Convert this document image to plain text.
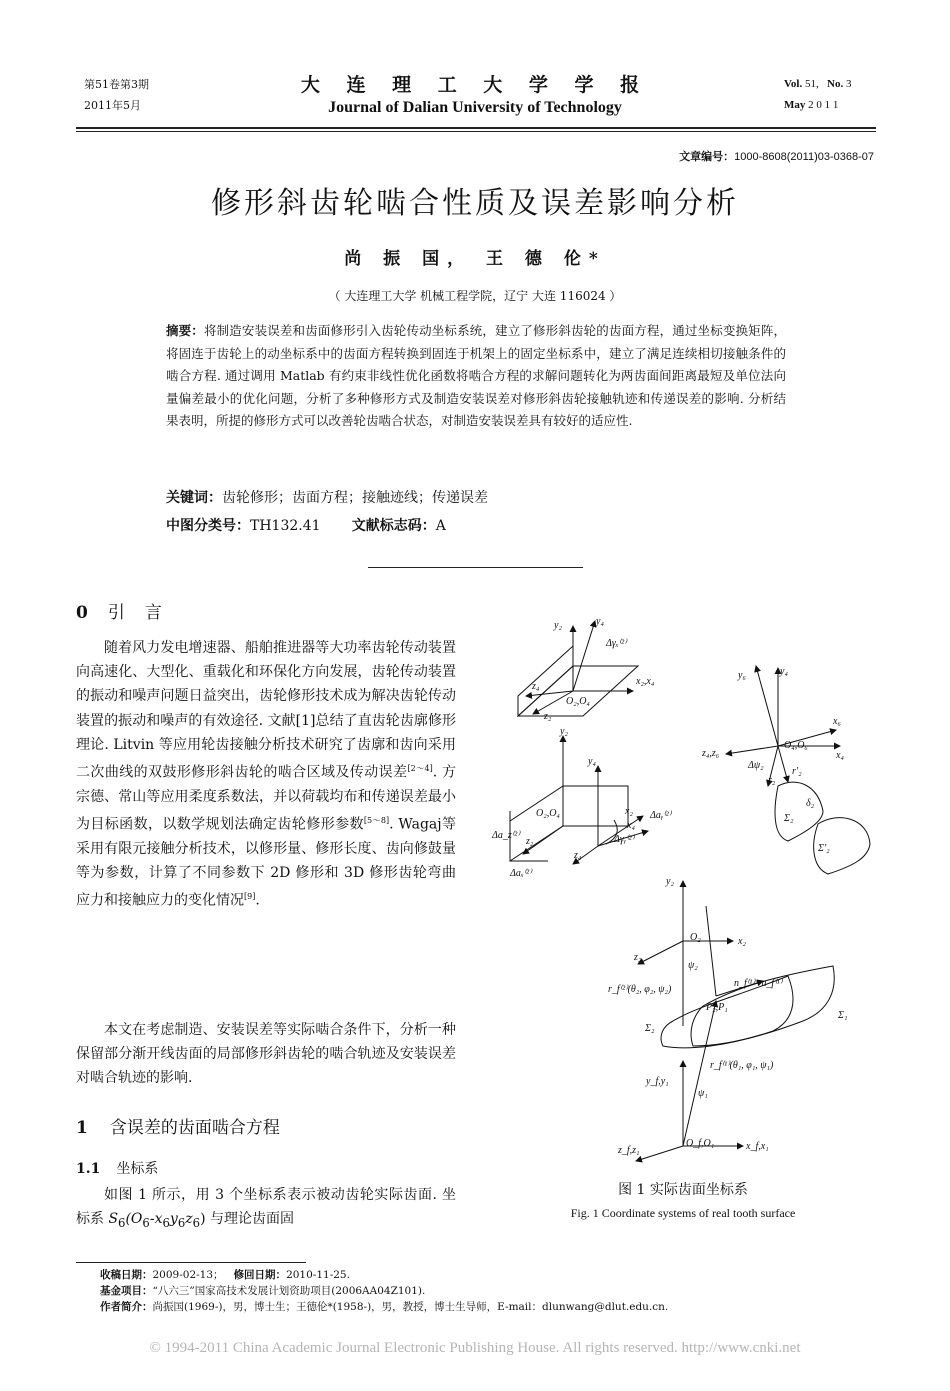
第51卷第3期
2011年5月
大 连 理 工 大 学 学 报
Journal of Dalian University of Technology
Vol. 51, No. 3
May 2 0 1 1
文章编号：1000-8608(2011)03-0368-07
修形斜齿轮啮合性质及误差影响分析
尚 振 国， 王 德 伦*
（ 大连理工大学 机械工程学院，辽宁 大连 116024 ）
摘要：将制造安装误差和齿面修形引入齿轮传动坐标系统，建立了修形斜齿轮的齿面方程，通过坐标变换矩阵，将固连于齿轮上的动坐标系中的齿面方程转换到固连于机架上的固定坐标系中，建立了满足连续相切接触条件的啮合方程. 通过调用 Matlab 有约束非线性优化函数将啮合方程的求解问题转化为两齿面间距离最短及单位法向量偏差最小的优化问题，分析了多种修形方式及制造安装误差对修形斜齿轮接触轨迹和传递误差的影响. 分析结果表明，所提的修形方式可以改善轮齿啮合状态，对制造安装误差具有较好的适应性.
关键词：齿轮修形；齿面方程；接触迹线；传递误差
中图分类号：TH132.41 文献标志码：A
0 引言

随着风力发电增速器、船舶推进器等大功率齿轮传动装置向高速化、大型化、重载化和环保化方向发展，齿轮传动装置的振动和噪声问题日益突出，齿轮修形技术成为解决齿轮传动装置的振动和噪声的有效途径. 文献[1]总结了直齿轮齿廓修形理论. Litvin 等应用轮齿接触分析技术研究了齿廓和齿向采用二次曲线的双鼓形修形斜齿轮的啮合区域及传动误差[2～4]. 方宗德、常山等应用柔度系数法，并以荷载均布和传递误差最小为目标函数，以数学规划法确定齿轮修形参数[5～8]. Wagaj等采用有限元接触分析技术，以修形量、修形长度、齿向修鼓量等为参数，计算了不同参数下 2D 修形和 3D 修形齿轮弯曲应力和接触应力的变化情况[9].

本文在考虑制造、安装误差等实际啮合条件下，分析一种保留部分渐开线齿面的局部修形斜齿轮的啮合轨迹及安装误差对啮合轨迹的影响.

1 含误差的齿面啮合方程
1.1 坐标系

如图 1 所示，用 3 个坐标系表示被动齿轮实际齿面. 坐标系 $S_6(O_6-x_6y_6z_6)$ 与理论齿面固

y₂	y₄
Δγₓ⁽²⁾
x₂,x₄
z₄
z₂
O₂,O₄
y₆	y₄
x₆
x₄
z₄,z₆
O₄,O₆
Δψ₂
r′₂
r₂
δ₂
Σ₂
Σ′₂
y₂
y₄
x₂
x₄
Δaᵧ⁽²⁾
z₄
z₂
O₂,O₄
Δa_z⁽²⁾
Δaₓ⁽²⁾
Δγᵧ⁽²⁾
y₂
O₂	x₂
z₂
ψ₂
r_f⁽²⁾(θ₂, φ₂, ψ₂)
n_f⁽¹⁾=n_f⁽¹⁾
P₂,P₁
Σ₂
Σ₁
r_f⁽¹⁾(θ₁, φ₁, ψ₁)
y_f,y₁
ψ₁
z_f,z₁
O_f,O₁	x_f,x₁
图 1 实际齿面坐标系
Fig. 1 Coordinate systems of real tooth surface
收稿日期：2009-02-13； 修回日期：2010-11-25.
基金项目：“八六三”国家高技术发展计划资助项目(2006AA04Z101).
作者简介：尚振国(1969-)，男，博士生；王德伦*(1958-)，男，教授，博士生导师，E-mail：dlunwang@dlut.edu.cn.
© 1994-2011 China Academic Journal Electronic Publishing House. All rights reserved. http://www.cnki.net
